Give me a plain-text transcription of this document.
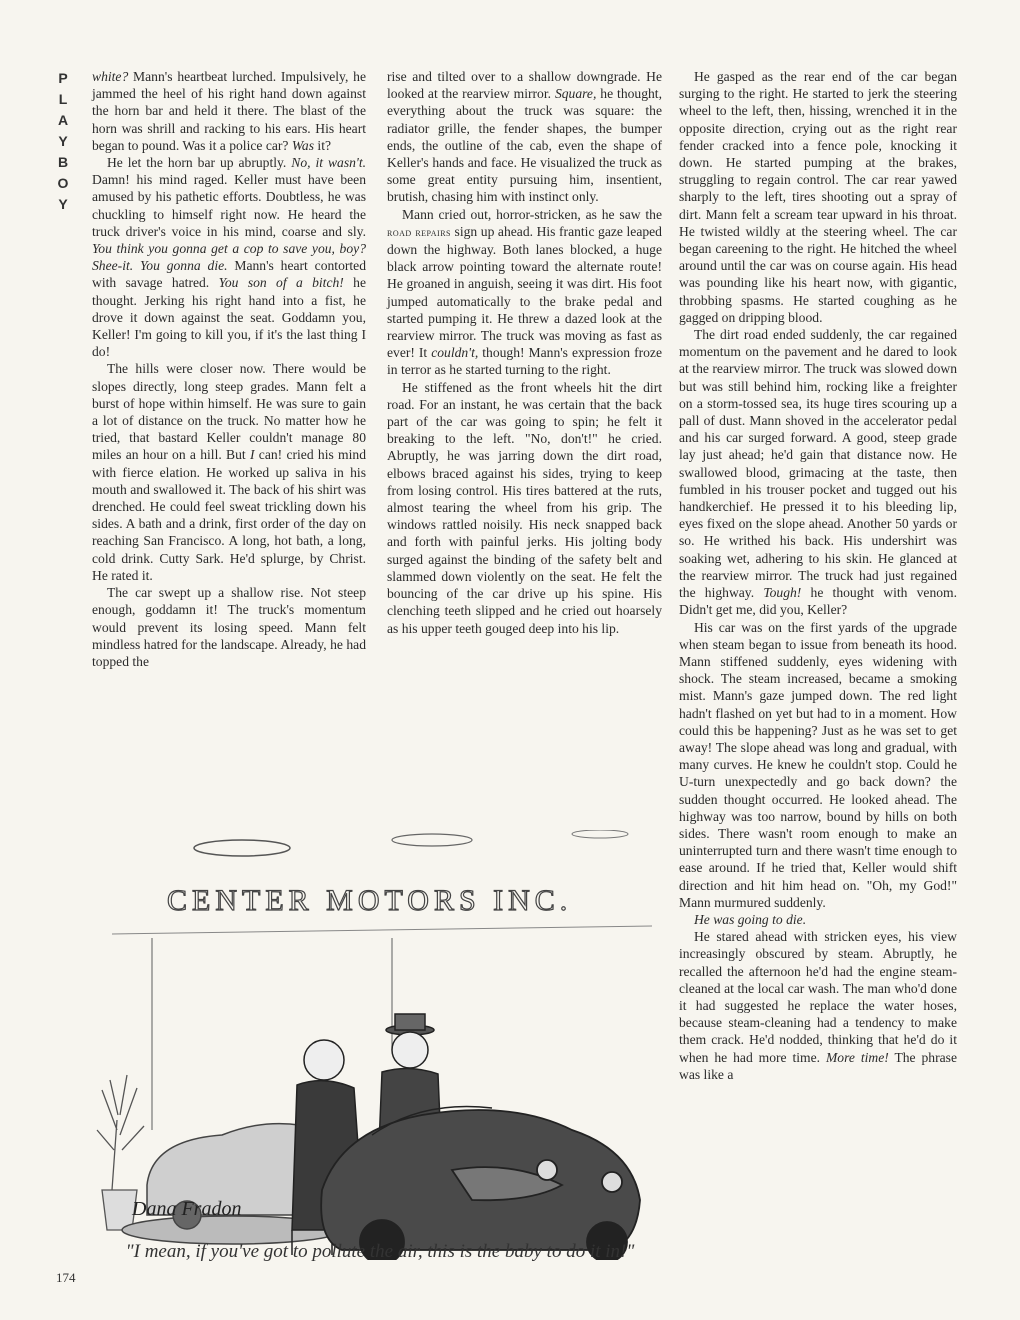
P
L
A
Y
B
O
Y

white? Mann's heartbeat lurched. Impulsively, he jammed the heel of his right hand down against the horn bar and held it there. The blast of the horn was shrill and racking to his ears. His heart began to pound. Was it a police car? Was it?

He let the horn bar up abruptly. No, it wasn't. Damn! his mind raged. Keller must have been amused by his pathetic efforts. Doubtless, he was chuckling to himself right now. He heard the truck driver's voice in his mind, coarse and sly. You think you gonna get a cop to save you, boy? Shee-it. You gonna die. Mann's heart contorted with savage hatred. You son of a bitch! he thought. Jerking his right hand into a fist, he drove it down against the seat. Goddamn you, Keller! I'm going to kill you, if it's the last thing I do!

The hills were closer now. There would be slopes directly, long steep grades. Mann felt a burst of hope within himself. He was sure to gain a lot of distance on the truck. No matter how he tried, that bastard Keller couldn't manage 80 miles an hour on a hill. But I can! cried his mind with fierce elation. He worked up saliva in his mouth and swallowed it. The back of his shirt was drenched. He could feel sweat trickling down his sides. A bath and a drink, first order of the day on reaching San Francisco. A long, hot bath, a long, cold drink. Cutty Sark. He'd splurge, by Christ. He rated it.

The car swept up a shallow rise. Not steep enough, goddamn it! The truck's momentum would prevent its losing speed. Mann felt mindless hatred for the landscape. Already, he had topped the

rise and tilted over to a shallow downgrade. He looked at the rearview mirror. Square, he thought, everything about the truck was square: the radiator grille, the fender shapes, the bumper ends, the outline of the cab, even the shape of Keller's hands and face. He visualized the truck as some great entity pursuing him, insentient, brutish, chasing him with instinct only.

Mann cried out, horror-stricken, as he saw the road repairs sign up ahead. His frantic gaze leaped down the highway. Both lanes blocked, a huge black arrow pointing toward the alternate route! He groaned in anguish, seeing it was dirt. His foot jumped automatically to the brake pedal and started pumping it. He threw a dazed look at the rearview mirror. The truck was moving as fast as ever! It couldn't, though! Mann's expression froze in terror as he started turning to the right.

He stiffened as the front wheels hit the dirt road. For an instant, he was certain that the back part of the car was going to spin; he felt it breaking to the left. "No, don't!" he cried. Abruptly, he was jarring down the dirt road, elbows braced against his sides, trying to keep from losing control. His tires battered at the ruts, almost tearing the wheel from his grip. The windows rattled noisily. His neck snapped back and forth with painful jerks. His jolting body surged against the binding of the safety belt and slammed down violently on the seat. He felt the bouncing of the car drive up his spine. His clenching teeth slipped and he cried out hoarsely as his upper teeth gouged deep into his lip.

He gasped as the rear end of the car began surging to the right. He started to jerk the steering wheel to the left, then, hissing, wrenched it in the opposite direction, crying out as the right rear fender cracked into a fence pole, knocking it down. He started pumping at the brakes, struggling to regain control. The car rear yawed sharply to the left, tires shooting out a spray of dirt. Mann felt a scream tear upward in his throat. He twisted wildly at the steering wheel. The car began careening to the right. He hitched the wheel around until the car was on course again. His head was pounding like his heart now, with gigantic, throbbing spasms. He started coughing as he gagged on dripping blood.

The dirt road ended suddenly, the car regained momentum on the pavement and he dared to look at the rearview mirror. The truck was slowed down but was still behind him, rocking like a freighter on a storm-tossed sea, its huge tires scouring up a pall of dust. Mann shoved in the accelerator pedal and his car surged forward. A good, steep grade lay just ahead; he'd gain that distance now. He swallowed blood, grimacing at the taste, then fumbled in his trouser pocket and tugged out his handkerchief. He pressed it to his bleeding lip, eyes fixed on the slope ahead. Another 50 yards or so. He writhed his back. His undershirt was soaking wet, adhering to his skin. He glanced at the rearview mirror. The truck had just regained the highway. Tough! he thought with venom. Didn't get me, did you, Keller?

His car was on the first yards of the upgrade when steam began to issue from beneath its hood. Mann stiffened suddenly, eyes widening with shock. The steam increased, became a smoking mist. Mann's gaze jumped down. The red light hadn't flashed on yet but had to in a moment. How could this be happening? Just as he was set to get away! The slope ahead was long and gradual, with many curves. He knew he couldn't stop. Could he U-turn unexpectedly and go back down? the sudden thought occurred. He looked ahead. The highway was too narrow, bound by hills on both sides. There wasn't room enough to make an uninterrupted turn and there wasn't time enough to ease around. If he tried that, Keller would shift direction and hit him head on. "Oh, my God!" Mann murmured suddenly.

He was going to die.

He stared ahead with stricken eyes, his view increasingly obscured by steam. Abruptly, he recalled the afternoon he'd had the engine steam-cleaned at the local car wash. The man who'd done it had suggested he replace the water hoses, because steam-cleaning had a tendency to make them crack. He'd nodded, thinking that he'd do it when he had more time. More time! The phrase was like a

CENTER MOTORS INC.
Dana Fradon
"I mean, if you've got to pollute the air, this is the baby to do it in!"
174
